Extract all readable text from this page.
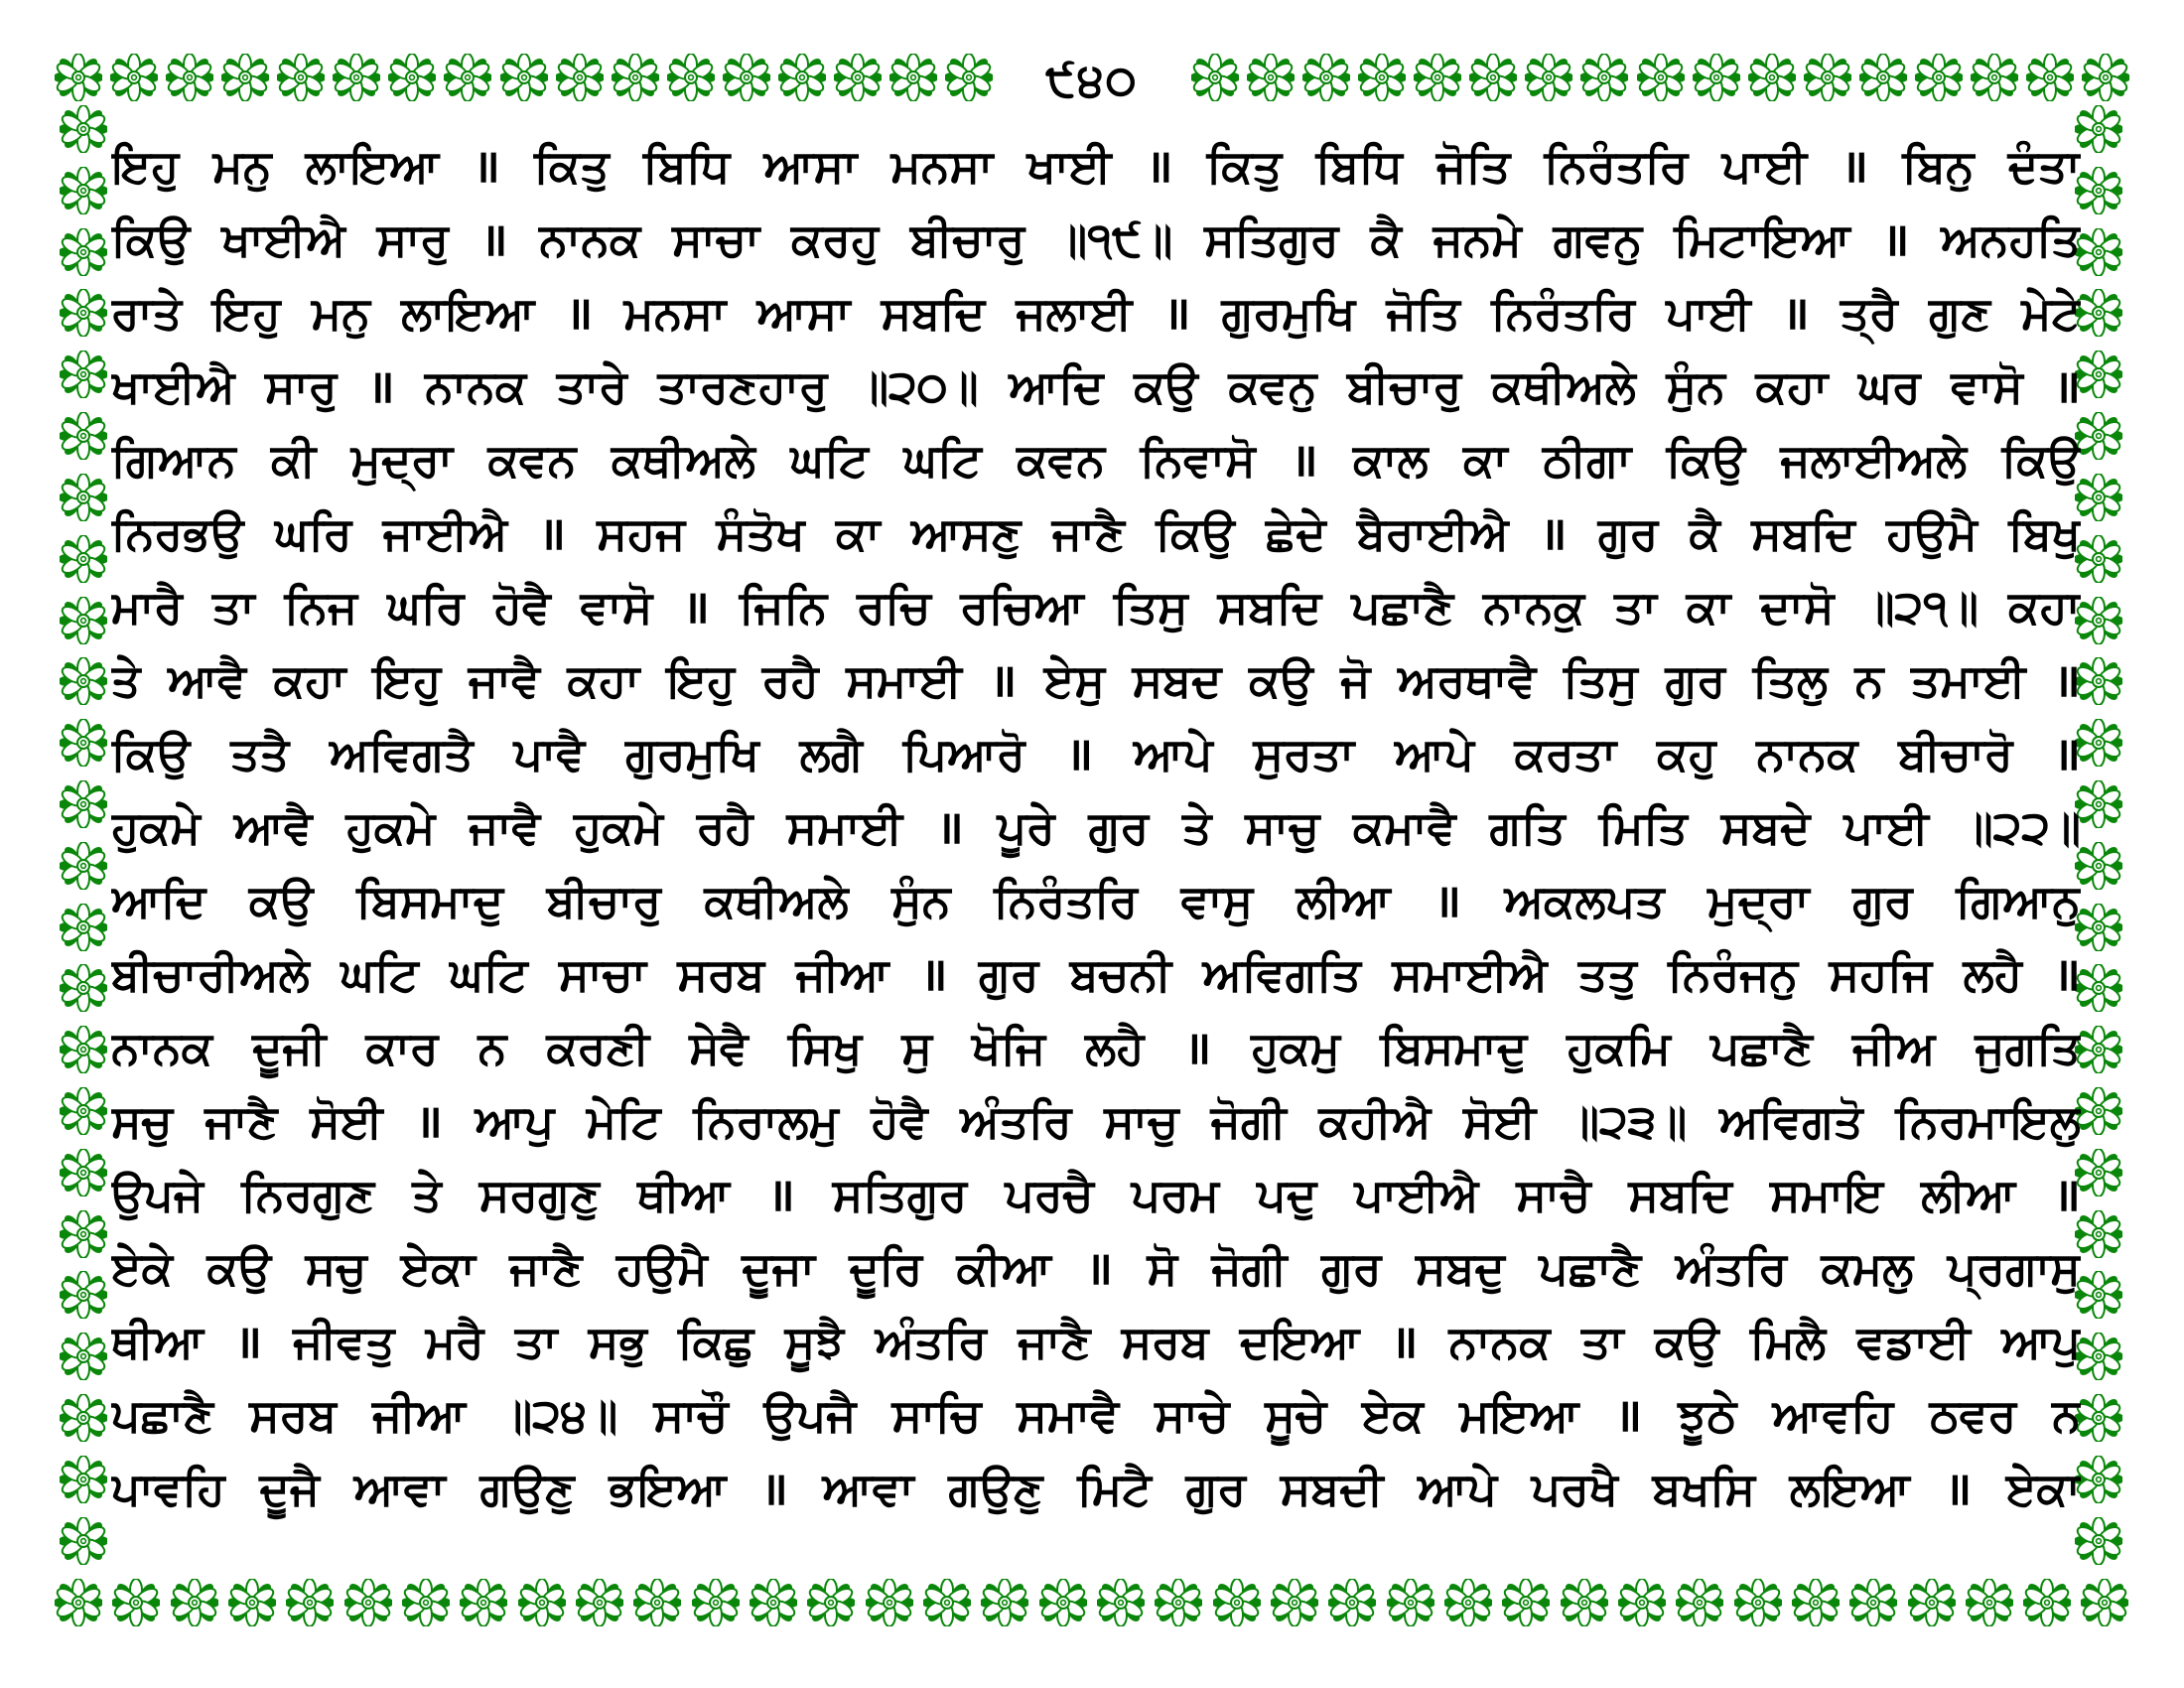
੯੪੦
ਇਹੁ ਮਨੁ ਲਾਇਆ ॥ ਕਿਤੁ ਬਿਧਿ ਆਸਾ ਮਨਸਾ ਖਾਈ ॥ ਕਿਤੁ ਬਿਧਿ ਜੋਤਿ ਨਿਰੰਤਰਿ ਪਾਈ ॥ ਬਿਨੁ ਦੰਤਾ
ਕਿਉ ਖਾਈਐ ਸਾਰੁ ॥ ਨਾਨਕ ਸਾਚਾ ਕਰਹੁ ਬੀਚਾਰੁ ॥੧੯॥ ਸਤਿਗੁਰ ਕੈ ਜਨਮੇ ਗਵਨੁ ਮਿਟਾਇਆ ॥ ਅਨਹਤਿ
ਰਾਤੇ ਇਹੁ ਮਨੁ ਲਾਇਆ ॥ ਮਨਸਾ ਆਸਾ ਸਬਦਿ ਜਲਾਈ ॥ ਗੁਰਮੁਖਿ ਜੋਤਿ ਨਿਰੰਤਰਿ ਪਾਈ ॥ ਤ੍ਰੈ ਗੁਣ ਮੇਟੇ
ਖਾਈਐ ਸਾਰੁ ॥ ਨਾਨਕ ਤਾਰੇ ਤਾਰਣਹਾਰੁ ॥੨੦॥ ਆਦਿ ਕਉ ਕਵਨੁ ਬੀਚਾਰੁ ਕਥੀਅਲੇ ਸੁੰਨ ਕਹਾ ਘਰ ਵਾਸੋ ॥
ਗਿਆਨ ਕੀ ਮੁਦ੍ਰਾ ਕਵਨ ਕਥੀਅਲੇ ਘਟਿ ਘਟਿ ਕਵਨ ਨਿਵਾਸੋ ॥ ਕਾਲ ਕਾ ਠੀਗਾ ਕਿਉ ਜਲਾਈਅਲੇ ਕਿਉ
ਨਿਰਭਉ ਘਰਿ ਜਾਈਐ ॥ ਸਹਜ ਸੰਤੋਖ ਕਾ ਆਸਣੁ ਜਾਣੈ ਕਿਉ ਛੇਦੇ ਬੈਰਾਈਐ ॥ ਗੁਰ ਕੈ ਸਬਦਿ ਹਉਮੈ ਬਿਖੁ
ਮਾਰੈ ਤਾ ਨਿਜ ਘਰਿ ਹੋਵੈ ਵਾਸੋ ॥ ਜਿਨਿ ਰਚਿ ਰਚਿਆ ਤਿਸੁ ਸਬਦਿ ਪਛਾਣੈ ਨਾਨਕੁ ਤਾ ਕਾ ਦਾਸੋ ॥੨੧॥ ਕਹਾ
ਤੇ ਆਵੈ ਕਹਾ ਇਹੁ ਜਾਵੈ ਕਹਾ ਇਹੁ ਰਹੈ ਸਮਾਈ ॥ ਏਸੁ ਸਬਦ ਕਉ ਜੋ ਅਰਥਾਵੈ ਤਿਸੁ ਗੁਰ ਤਿਲੁ ਨ ਤਮਾਈ ॥
ਕਿਉ ਤਤੈ ਅਵਿਗਤੈ ਪਾਵੈ ਗੁਰਮੁਖਿ ਲਗੈ ਪਿਆਰੋ ॥ ਆਪੇ ਸੁਰਤਾ ਆਪੇ ਕਰਤਾ ਕਹੁ ਨਾਨਕ ਬੀਚਾਰੋ ॥
ਹੁਕਮੇ ਆਵੈ ਹੁਕਮੇ ਜਾਵੈ ਹੁਕਮੇ ਰਹੈ ਸਮਾਈ ॥ ਪੂਰੇ ਗੁਰ ਤੇ ਸਾਚੁ ਕਮਾਵੈ ਗਤਿ ਮਿਤਿ ਸਬਦੇ ਪਾਈ ॥੨੨॥
ਆਦਿ ਕਉ ਬਿਸਮਾਦੁ ਬੀਚਾਰੁ ਕਥੀਅਲੇ ਸੁੰਨ ਨਿਰੰਤਰਿ ਵਾਸੁ ਲੀਆ ॥ ਅਕਲਪਤ ਮੁਦ੍ਰਾ ਗੁਰ ਗਿਆਨੁ
ਬੀਚਾਰੀਅਲੇ ਘਟਿ ਘਟਿ ਸਾਚਾ ਸਰਬ ਜੀਆ ॥ ਗੁਰ ਬਚਨੀ ਅਵਿਗਤਿ ਸਮਾਈਐ ਤਤੁ ਨਿਰੰਜਨੁ ਸਹਜਿ ਲਹੈ ॥
ਨਾਨਕ ਦੂਜੀ ਕਾਰ ਨ ਕਰਣੀ ਸੇਵੈ ਸਿਖੁ ਸੁ ਖੋਜਿ ਲਹੈ ॥ ਹੁਕਮੁ ਬਿਸਮਾਦੁ ਹੁਕਮਿ ਪਛਾਣੈ ਜੀਅ ਜੁਗਤਿ
ਸਚੁ ਜਾਣੈ ਸੋਈ ॥ ਆਪੁ ਮੇਟਿ ਨਿਰਾਲਮੁ ਹੋਵੈ ਅੰਤਰਿ ਸਾਚੁ ਜੋਗੀ ਕਹੀਐ ਸੋਈ ॥੨੩॥ ਅਵਿਗਤੋ ਨਿਰਮਾਇਲੁ
ਉਪਜੇ ਨਿਰਗੁਣ ਤੇ ਸਰਗੁਣੁ ਥੀਆ ॥ ਸਤਿਗੁਰ ਪਰਚੈ ਪਰਮ ਪਦੁ ਪਾਈਐ ਸਾਚੈ ਸਬਦਿ ਸਮਾਇ ਲੀਆ ॥
ਏਕੇ ਕਉ ਸਚੁ ਏਕਾ ਜਾਣੈ ਹਉਮੈ ਦੂਜਾ ਦੂਰਿ ਕੀਆ ॥ ਸੋ ਜੋਗੀ ਗੁਰ ਸਬਦੁ ਪਛਾਣੈ ਅੰਤਰਿ ਕਮਲੁ ਪ੍ਰਗਾਸੁ
ਥੀਆ ॥ ਜੀਵਤੁ ਮਰੈ ਤਾ ਸਭੁ ਕਿਛੁ ਸੂਝੈ ਅੰਤਰਿ ਜਾਣੈ ਸਰਬ ਦਇਆ ॥ ਨਾਨਕ ਤਾ ਕਉ ਮਿਲੈ ਵਡਾਈ ਆਪੁ
ਪਛਾਣੈ ਸਰਬ ਜੀਆ ॥੨੪॥ ਸਾਚੌ ਉਪਜੈ ਸਾਚਿ ਸਮਾਵੈ ਸਾਚੇ ਸੂਚੇ ਏਕ ਮਇਆ ॥ ਝੂਠੇ ਆਵਹਿ ਠਵਰ ਨ
ਪਾਵਹਿ ਦੂਜੈ ਆਵਾ ਗਉਣੁ ਭਇਆ ॥ ਆਵਾ ਗਉਣੁ ਮਿਟੈ ਗੁਰ ਸਬਦੀ ਆਪੇ ਪਰਖੈ ਬਖਸਿ ਲਇਆ ॥ ਏਕਾ
